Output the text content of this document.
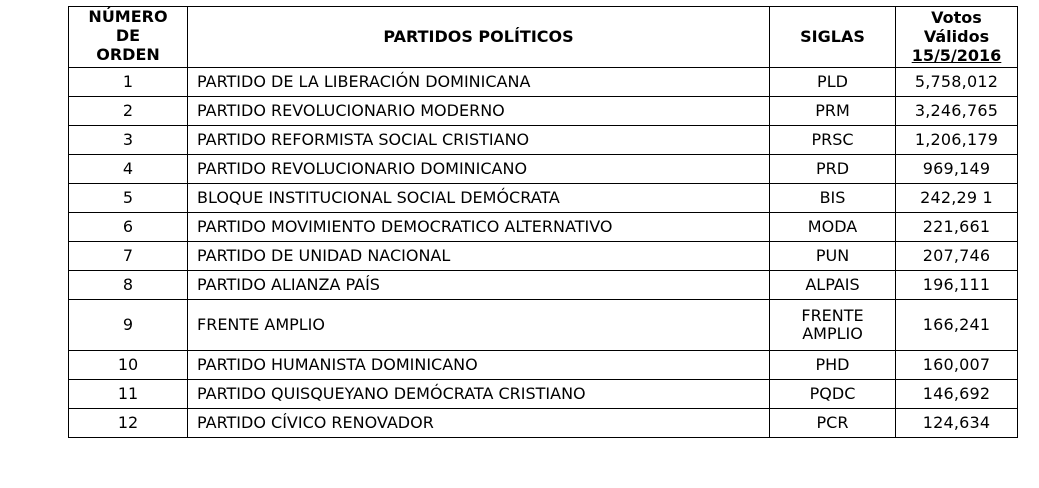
NÚMERO
DE
ORDEN	PARTIDOS POLÍTICOS	SIGLAS	Votos
Válidos
15/5/2016

1	PARTIDO DE LA LIBERACIÓN DOMINICANA	PLD	5,758,012
2	PARTIDO REVOLUCIONARIO MODERNO	PRM	3,246,765
3	PARTIDO REFORMISTA SOCIAL CRISTIANO	PRSC	1,206,179
4	PARTIDO REVOLUCIONARIO DOMINICANO	PRD	969,149
5	BLOQUE INSTITUCIONAL SOCIAL DEMÓCRATA	BIS	242,29 1
6	PARTIDO MOVIMIENTO DEMOCRATICO ALTERNATIVO	MODA	221,661
7	PARTIDO DE UNIDAD NACIONAL	PUN	207,746
8	PARTIDO ALIANZA PAÍS	ALPAIS	196,111
9	FRENTE AMPLIO	FRENTE
AMPLIO	166,241
10	PARTIDO HUMANISTA DOMINICANO	PHD	160,007
11	PARTIDO QUISQUEYANO DEMÓCRATA CRISTIANO	PQDC	146,692
12	PARTIDO CÍVICO RENOVADOR	PCR	124,634
